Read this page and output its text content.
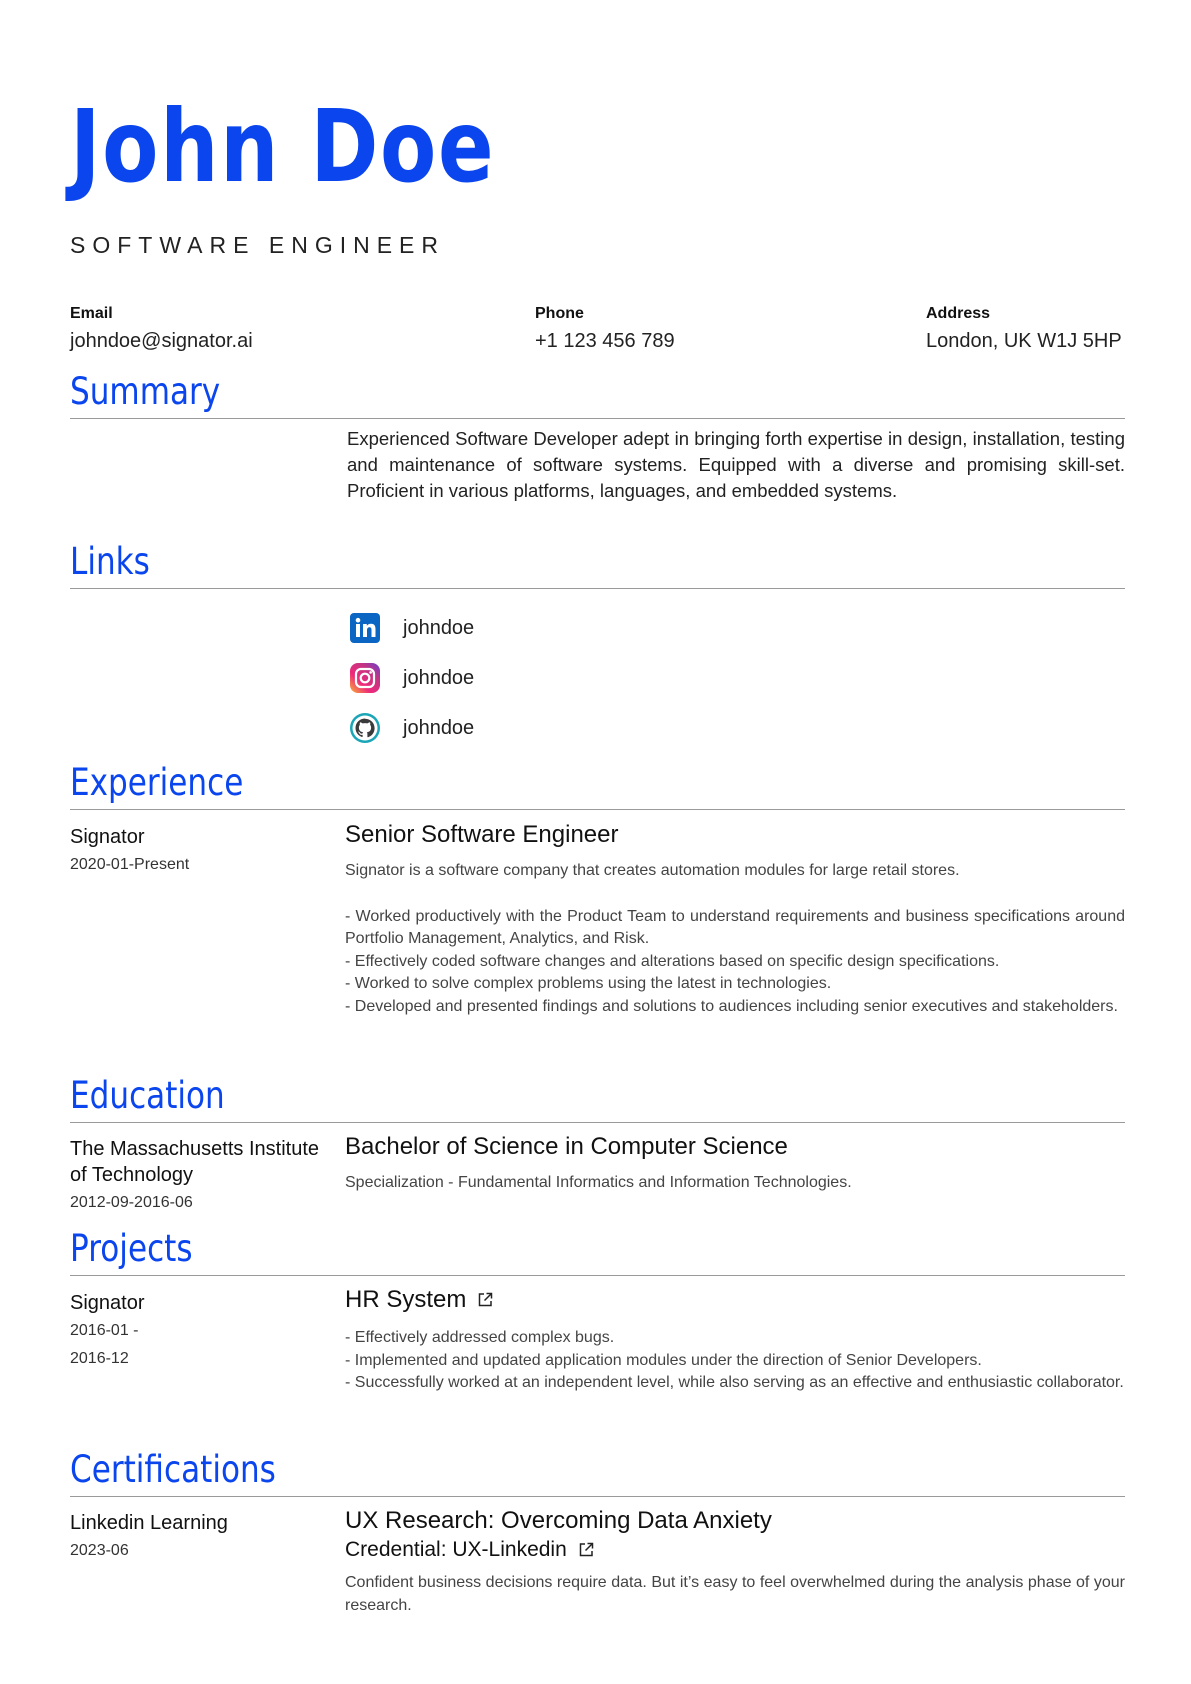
John Doe
SOFTWARE ENGINEER
Email
johndoe@signator.ai
Phone
+1 123 456 789
Address
London, UK W1J 5HP
Summary
Experienced Software Developer adept in bringing forth expertise in design, installation, testing and maintenance of software systems. Equipped with a diverse and promising skill-set. Proficient in various platforms, languages, and embedded systems.
Links
johndoe
johndoe
johndoe
Experience
Signator
2020-01-Present
Senior Software Engineer
Signator is a software company that creates automation modules for large retail stores.
- Worked productively with the Product Team to understand requirements and business specifications around Portfolio Management, Analytics, and Risk.
- Effectively coded software changes and alterations based on specific design specifications.
- Worked to solve complex problems using the latest in technologies.
- Developed and presented findings and solutions to audiences including senior executives and stakeholders.
Education
The Massachusetts Institute of Technology
2012-09-2016-06
Bachelor of Science in Computer Science
Specialization - Fundamental Informatics and Information Technologies.
Projects
Signator
2016-01 -
2016-12
HR System
- Effectively addressed complex bugs.
- Implemented and updated application modules under the direction of Senior Developers.
- Successfully worked at an independent level, while also serving as an effective and enthusiastic collaborator.
Certifications
Linkedin Learning
2023-06
UX Research: Overcoming Data Anxiety
Credential: UX-Linkedin
Confident business decisions require data. But it’s easy to feel overwhelmed during the analysis phase of your research.
